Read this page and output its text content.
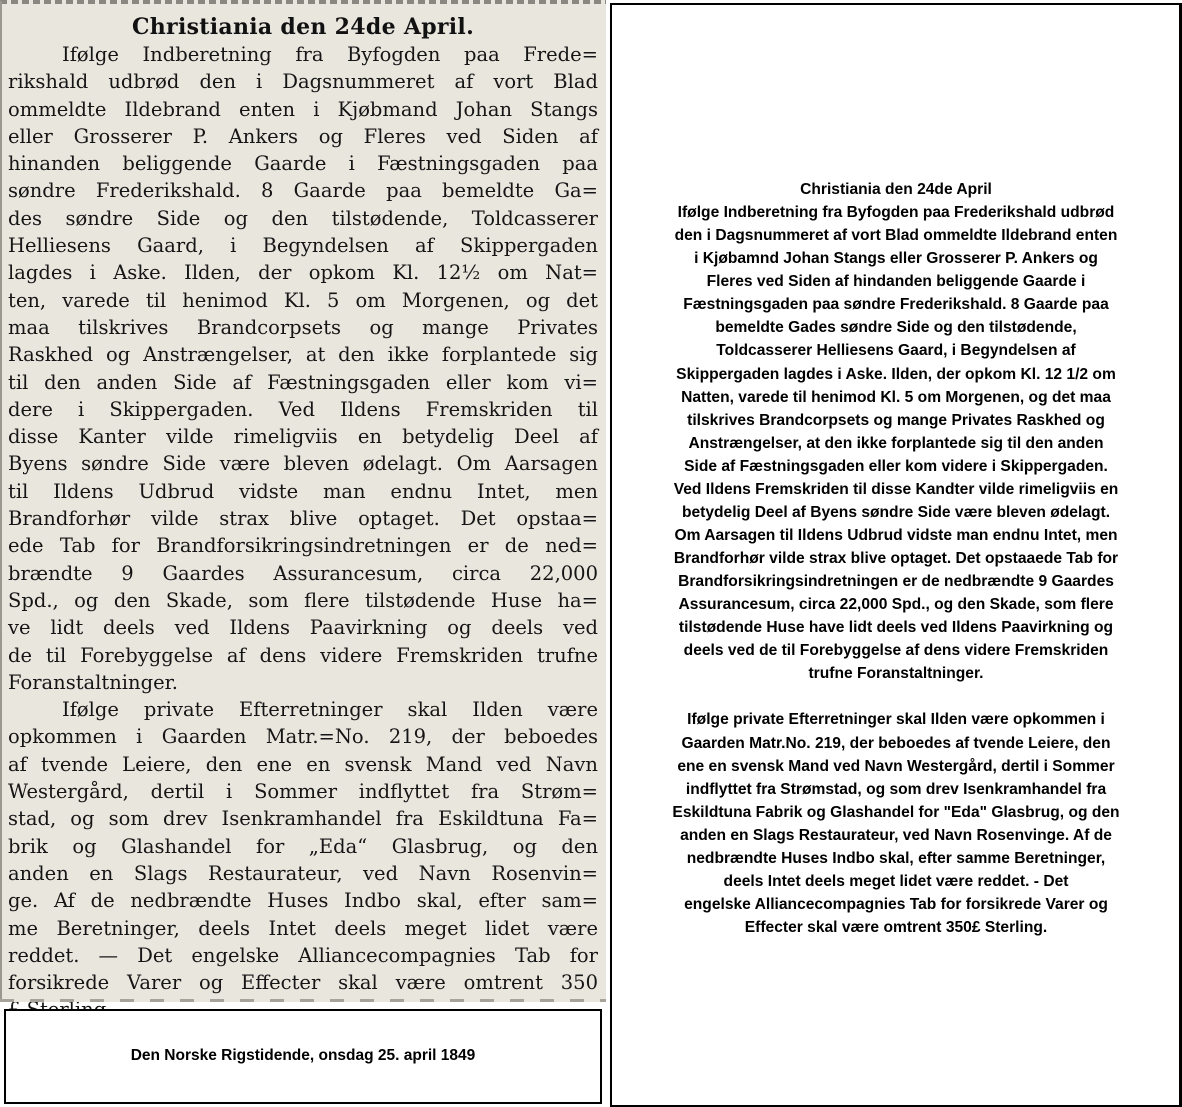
Christiania den 24de April.
Ifølge Indberetning fra Byfogden paa Frede=
rikshald udbrød den i Dagsnummeret af vort Blad
ommeldte Ildebrand enten i Kjøbmand Johan Stangs
eller Grosserer P. Ankers og Fleres ved Siden af
hinanden beliggende Gaarde i Fæstningsgaden paa
søndre Frederikshald. 8 Gaarde paa bemeldte Ga=
des søndre Side og den tilstødende, Toldcasserer
Helliesens Gaard, i Begyndelsen af Skippergaden
lagdes i Aske. Ilden, der opkom Kl. 12½ om Nat=
ten, varede til henimod Kl. 5 om Morgenen, og det
maa tilskrives Brandcorpsets og mange Privates
Raskhed og Anstrængelser, at den ikke forplantede sig
til den anden Side af Fæstningsgaden eller kom vi=
dere i Skippergaden. Ved Ildens Fremskriden til
disse Kanter vilde rimeligviis en betydelig Deel af
Byens søndre Side være bleven ødelagt. Om Aarsagen
til Ildens Udbrud vidste man endnu Intet, men
Brandforhør vilde strax blive optaget. Det opstaa=
ede Tab for Brandforsikringsindretningen er de ned=
brændte 9 Gaardes Assurancesum, circa 22,000
Spd., og den Skade, som flere tilstødende Huse ha=
ve lidt deels ved Ildens Paavirkning og deels ved
de til Forebyggelse af dens videre Fremskriden trufne
Foranstaltninger.
Ifølge private Efterretninger skal Ilden være
opkommen i Gaarden Matr.=No. 219, der beboedes
af tvende Leiere, den ene en svensk Mand ved Navn
Westergård, dertil i Sommer indflyttet fra Strøm=
stad, og som drev Isenkramhandel fra Eskildtuna Fa=
brik og Glashandel for „Eda“ Glasbrug, og den
anden en Slags Restaurateur, ved Navn Rosenvin=
ge. Af de nedbrændte Huses Indbo skal, efter sam=
me Beretninger, deels Intet deels meget lidet være
reddet. — Det engelske Alliancecompagnies Tab for
forsikrede Varer og Effecter skal være omtrent 350
Den Norske Rigstidende, onsdag 25. april 1849
Christiania den 24de April
Ifølge Indberetning fra Byfogden paa Frederikshald udbrød
den i Dagsnummeret af vort Blad ommeldte Ildebrand enten
i Kjøbamnd Johan Stangs eller Grosserer P. Ankers og
Fleres ved Siden af hindanden beliggende Gaarde i
Fæstningsgaden paa søndre Frederikshald. 8 Gaarde paa
bemeldte Gades søndre Side og den tilstødende,
Toldcasserer Helliesens Gaard, i Begyndelsen af
Skippergaden lagdes i Aske. Ilden, der opkom Kl. 12 1/2 om
Natten, varede til henimod Kl. 5 om Morgenen, og det maa
tilskrives Brandcorpsets og mange Privates Raskhed og
Anstrængelser, at den ikke forplantede sig til den anden
Side af Fæstningsgaden eller kom videre i Skippergaden.
Ved Ildens Fremskriden til disse Kandter vilde rimeligviis en
betydelig Deel af Byens søndre Side være bleven ødelagt.
Om Aarsagen til Ildens Udbrud vidste man endnu Intet, men
Brandforhør vilde strax blive optaget. Det opstaaede Tab for
Brandforsikringsindretningen er de nedbrændte 9 Gaardes
Assurancesum, circa 22,000 Spd., og den Skade, som flere
tilstødende Huse have lidt deels ved Ildens Paavirkning og
deels ved de til Forebyggelse af dens videre Fremskriden
trufne Foranstaltninger.
Ifølge private Efterretninger skal Ilden være opkommen i
Gaarden Matr.No. 219, der beboedes af tvende Leiere, den
ene en svensk Mand ved Navn Westergård, dertil i Sommer
indflyttet fra Strømstad, og som drev Isenkramhandel fra
Eskildtuna Fabrik og Glashandel for "Eda" Glasbrug, og den
anden en Slags Restaurateur, ved Navn Rosenvinge. Af de
nedbrændte Huses Indbo skal, efter samme Beretninger,
deels Intet deels meget lidet være reddet. - Det
engelske Alliancecompagnies Tab for forsikrede Varer og
Effecter skal være omtrent 350£ Sterling.
